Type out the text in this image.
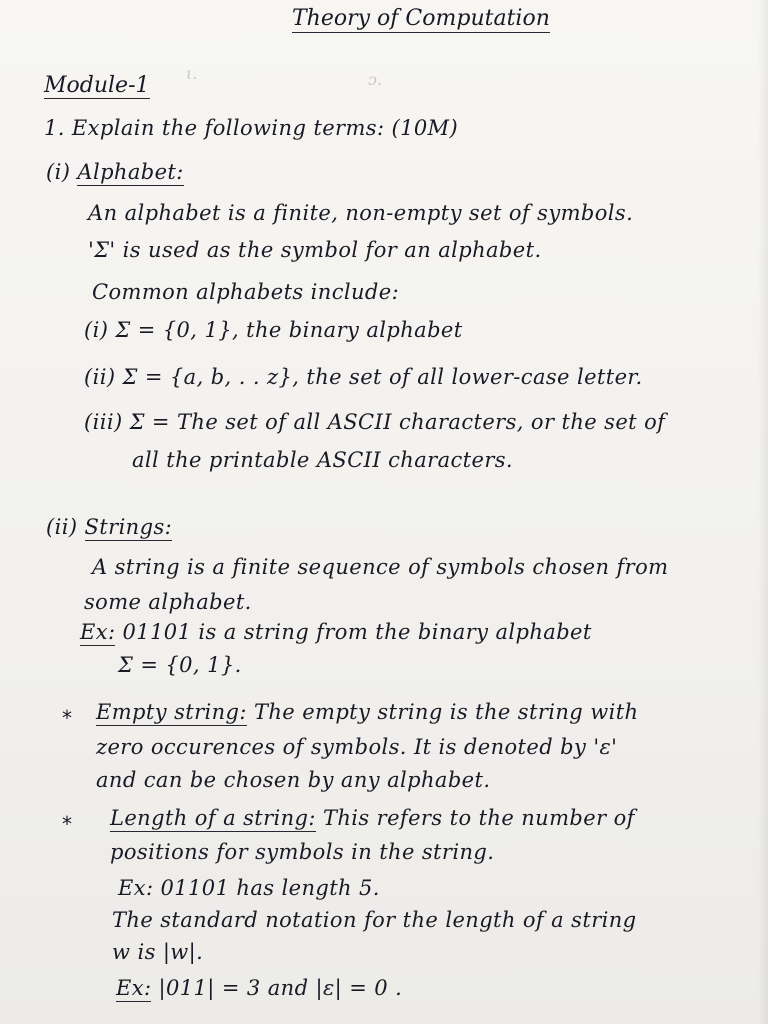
Theory of Computation
ι.	ɔ.
Module-1
1. Explain the following terms: (10M)
(i) Alphabet:
An alphabet is a finite, non-empty set of symbols.
'Σ' is used as the symbol for an alphabet.
Common alphabets include:
(i) Σ = {0, 1}, the binary alphabet
(ii) Σ = {a, b, . . z}, the set of all lower-case letter.
(iii) Σ = The set of all ASCII characters, or the set of
all the printable ASCII characters.
(ii) Strings:
A string is a finite sequence of symbols chosen from
some alphabet.
Ex: 01101 is a string from the binary alphabet
Σ = {0, 1}.
* Empty string: The empty string is the string with
zero occurences of symbols. It is denoted by 'ε'
and can be chosen by any alphabet.
* Length of a string: This refers to the number of
positions for symbols in the string.
Ex: 01101 has length 5.
The standard notation for the length of a string
w is |w|.
Ex: |011| = 3 and |ε| = 0 .
